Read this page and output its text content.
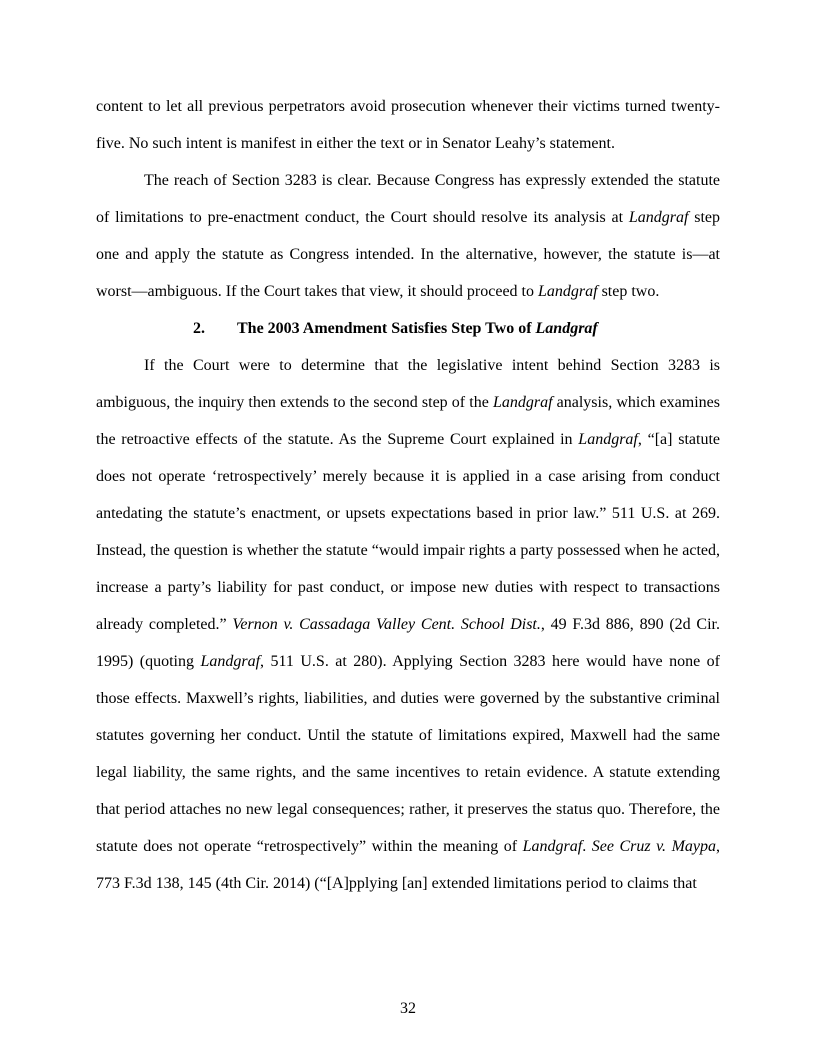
content to let all previous perpetrators avoid prosecution whenever their victims turned twenty-five. No such intent is manifest in either the text or in Senator Leahy’s statement.

The reach of Section 3283 is clear. Because Congress has expressly extended the statute of limitations to pre-enactment conduct, the Court should resolve its analysis at Landgraf step one and apply the statute as Congress intended. In the alternative, however, the statute is—at worst—ambiguous. If the Court takes that view, it should proceed to Landgraf step two.

2. The 2003 Amendment Satisfies Step Two of Landgraf

If the Court were to determine that the legislative intent behind Section 3283 is ambiguous, the inquiry then extends to the second step of the Landgraf analysis, which examines the retroactive effects of the statute. As the Supreme Court explained in Landgraf, “[a] statute does not operate ‘retrospectively’ merely because it is applied in a case arising from conduct antedating the statute’s enactment, or upsets expectations based in prior law.” 511 U.S. at 269. Instead, the question is whether the statute “would impair rights a party possessed when he acted, increase a party’s liability for past conduct, or impose new duties with respect to transactions already completed.” Vernon v. Cassadaga Valley Cent. School Dist., 49 F.3d 886, 890 (2d Cir. 1995) (quoting Landgraf, 511 U.S. at 280). Applying Section 3283 here would have none of those effects. Maxwell’s rights, liabilities, and duties were governed by the substantive criminal statutes governing her conduct. Until the statute of limitations expired, Maxwell had the same legal liability, the same rights, and the same incentives to retain evidence. A statute extending that period attaches no new legal consequences; rather, it preserves the status quo. Therefore, the statute does not operate “retrospectively” within the meaning of Landgraf. See Cruz v. Maypa, 773 F.3d 138, 145 (4th Cir. 2014) (“[A]pplying [an] extended limitations period to claims that

32
